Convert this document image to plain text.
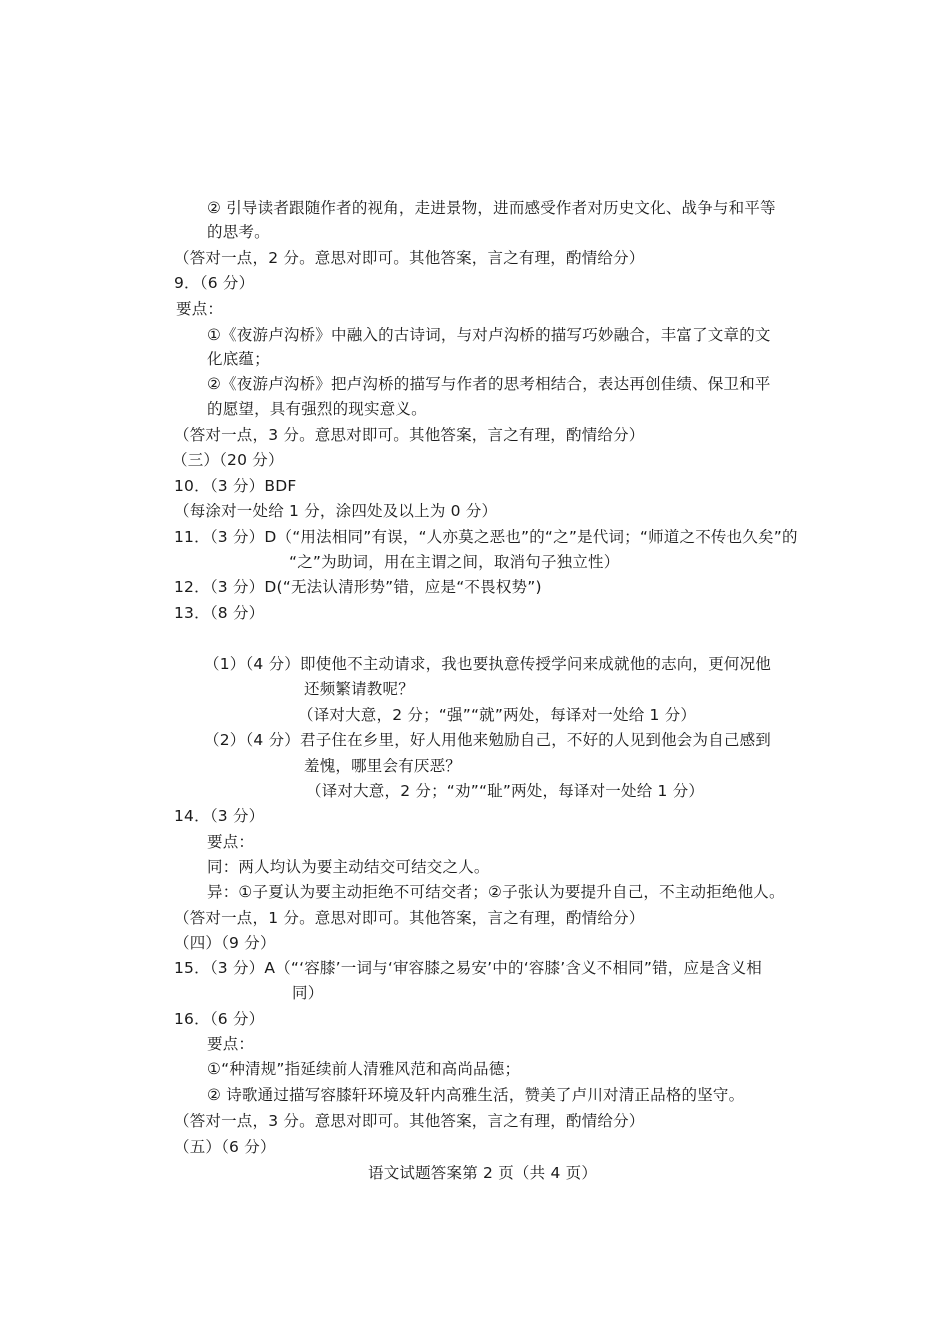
② 引导读者跟随作者的视角，走进景物，进而感受作者对历史文化、战争与和平等
的思考。
（答对一点，2 分。意思对即可。其他答案，言之有理，酌情给分）
9．（6 分）
要点：
①《夜游卢沟桥》中融入的古诗词，与对卢沟桥的描写巧妙融合，丰富了文章的文
化底蕴；
②《夜游卢沟桥》把卢沟桥的描写与作者的思考相结合，表达再创佳绩、保卫和平
的愿望，具有强烈的现实意义。
（答对一点，3 分。意思对即可。其他答案，言之有理，酌情给分）
（三）（20 分）
10．（3 分）BDF
（每涂对一处给 1 分，涂四处及以上为 0 分）
11．（3 分）D（“用法相同”有误，“人亦莫之恶也”的“之”是代词；“师道之不传也久矣”的
“之”为助词，用在主谓之间，取消句子独立性）
12．（3 分）D(“无法认清形势”错，应是“不畏权势”)
13．（8 分）
（1）（4 分）即使他不主动请求，我也要执意传授学问来成就他的志向，更何况他
还频繁请教呢？
（译对大意，2 分；“强”“就”两处，每译对一处给 1 分）
（2）（4 分）君子住在乡里，好人用他来勉励自己，不好的人见到他会为自己感到
羞愧，哪里会有厌恶？
（译对大意，2 分；“劝”“耻”两处，每译对一处给 1 分）
14．（3 分）
要点：
同：两人均认为要主动结交可结交之人。
异：①子夏认为要主动拒绝不可结交者；②子张认为要提升自己，不主动拒绝他人。
（答对一点，1 分。意思对即可。其他答案，言之有理，酌情给分）
（四）（9 分）
15．（3 分）A（“‘容膝’一词与‘审容膝之易安’中的‘容膝’含义不相同”错，应是含义相
同）
16．（6 分）
要点：
①“种清规”指延续前人清雅风范和高尚品德；
② 诗歌通过描写容膝轩环境及轩内高雅生活，赞美了卢川对清正品格的坚守。
（答对一点，3 分。意思对即可。其他答案，言之有理，酌情给分）
（五）（6 分）
语文试题答案第 2 页（共 4 页）
